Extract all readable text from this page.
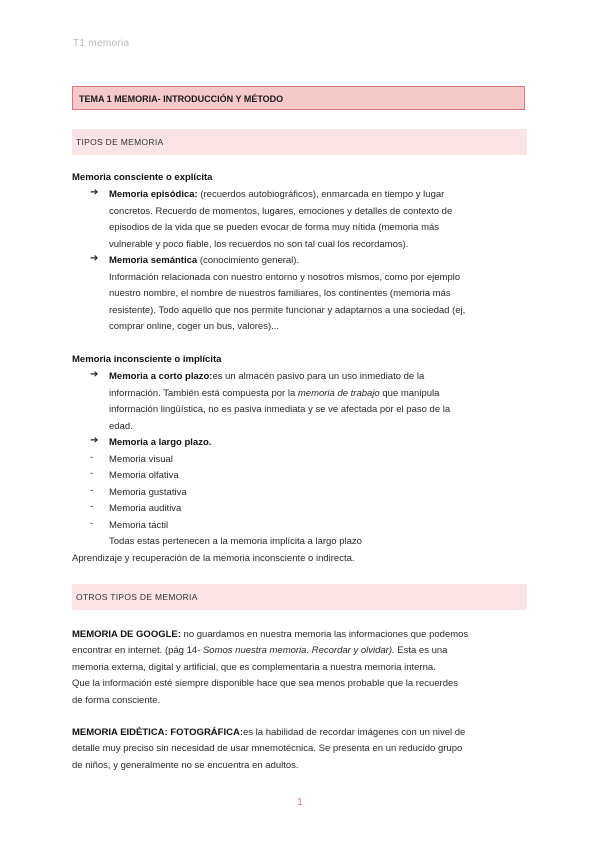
T1 memoria
TEMA 1 MEMORIA- INTRODUCCIÓN Y MÉTODO
TIPOS DE MEMORIA
Memoria consciente o explícita
➔ Memoria episódica: (recuerdos autobiográficos), enmarcada en tiempo y lugar
concretos. Recuerdo de momentos, lugares, emociones y detalles de contexto de
episodios de la vida que se pueden evocar de forma muy nítida (memoria más
vulnerable y poco fiable, los recuerdos no son tal cual los recordamos).
➔ Memoria semántica (conocimiento general).
Información relacionada con nuestro entorno y nosotros mismos, como por ejemplo
nuestro nombre, el nombre de nuestros familiares, los continentes (memoria más
resistente). Todo aquello que nos permite funcionar y adaptarnos a una sociedad (ej,
comprar online, coger un bus, valores)...
Memoria inconsciente o implícita
➔ Memoria a corto plazo:es un almacén pasivo para un uso inmediato de la
información. También está compuesta por la memoria de trabajo que manipula
información lingüística, no es pasiva inmediata y se ve afectada por el paso de la
edad.
➔ Memoria a largo plazo.
- Memoria visual
- Memoria olfativa
- Memoria gustativa
- Memoria auditiva
- Memoria táctil
Todas estas pertenecen a la memoria implícita a largo plazo
Aprendizaje y recuperación de la memoria inconsciente o indirecta.
OTROS TIPOS DE MEMORIA
MEMORIA DE GOOGLE: no guardamos en nuestra memoria las informaciones que podemos
encontrar en internet. (pág 14- Somos nuestra memoria. Recordar y olvidar). Esta es una
memoria externa, digital y artificial, que es complementaria a nuestra memoria interna.
Que la información esté siempre disponible hace que sea menos probable que la recuerdes
de forma consciente.
MEMORIA EIDÉTICA: FOTOGRÁFICA:es la habilidad de recordar imágenes con un nivel de
detalle muy preciso sin necesidad de usar mnemotécnica. Se presenta en un reducido grupo
de niños, y generalmente no se encuentra en adultos.
1
